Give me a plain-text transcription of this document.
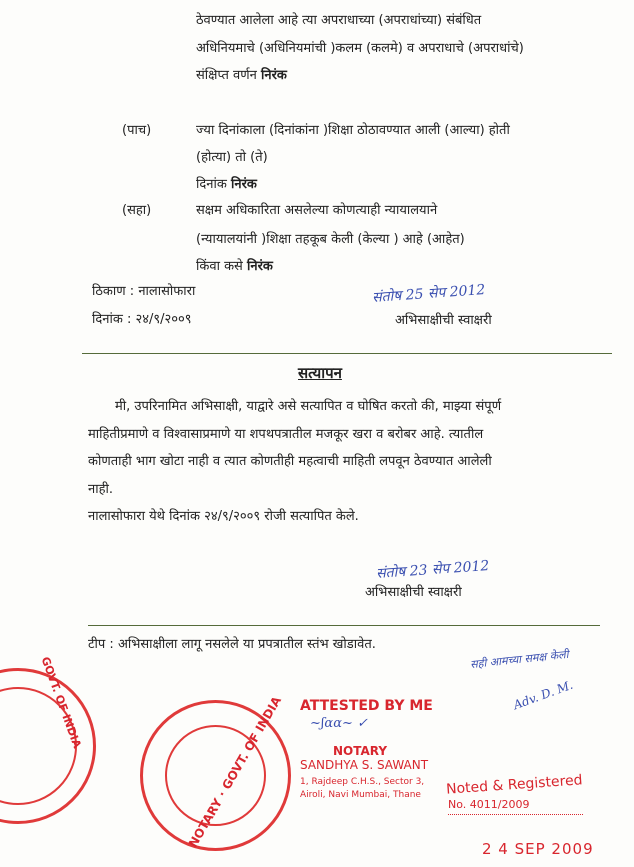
ठेवण्यात आलेला आहे त्या अपराधाच्या (अपराधांच्या) संबंधित
अधिनियमाचे (अधिनियमांची )कलम (कलमे) व अपराधाचे (अपराधांचे)
संक्षिप्त वर्णन निरंक
(पाच)	ज्या दिनांकाला (दिनांकांना )शिक्षा ठोठावण्यात आली (आल्या) होती
(होत्या) तो (ते)
दिनांक निरंक
(सहा)	सक्षम अधिकारिता असलेल्या कोणत्याही न्यायालयाने
(न्यायालयांनी )शिक्षा तहकूब केली (केल्या ) आहे (आहेत)
किंवा कसे निरंक
ठिकाण : नालासोफारा
दिनांक : २४/९/२००९
संतोष 25 सेप 2012
अभिसाक्षीची स्वाक्षरी
सत्यापन
मी, उपरिनामित अभिसाक्षी, याद्वारे असे सत्यापित व घोषित करतो की, माझ्या संपूर्ण
माहितीप्रमाणे व विश्वासाप्रमाणे या शपथपत्रातील मजकूर खरा व बरोबर आहे. त्यातील
कोणताही भाग खोटा नाही व त्यात कोणतीही महत्वाची माहिती लपवून ठेवण्यात आलेली
नाही.
नालासोफारा येथे दिनांक २४/९/२००९ रोजी सत्यापित केले.
संतोष 23 सेप 2012
अभिसाक्षीची स्वाक्षरी
टीप : अभिसाक्षीला लागू नसलेले या प्रपत्रातील स्तंभ खोडावेत.
GOVT. OF INDIA	NOTARY · GOVT. OF INDIA ATTESTED BY ME
~ʃɑɑ~ ✓
NOTARY
SANDHYA S. SAWANT
1, Rajdeep C.H.S., Sector 3,
Airoli, Navi Mumbai, Thane Noted & Registered
No. 4011/2009
2 4 SEP 2009
सही आमच्या समक्ष केली
Adv. D. M.
